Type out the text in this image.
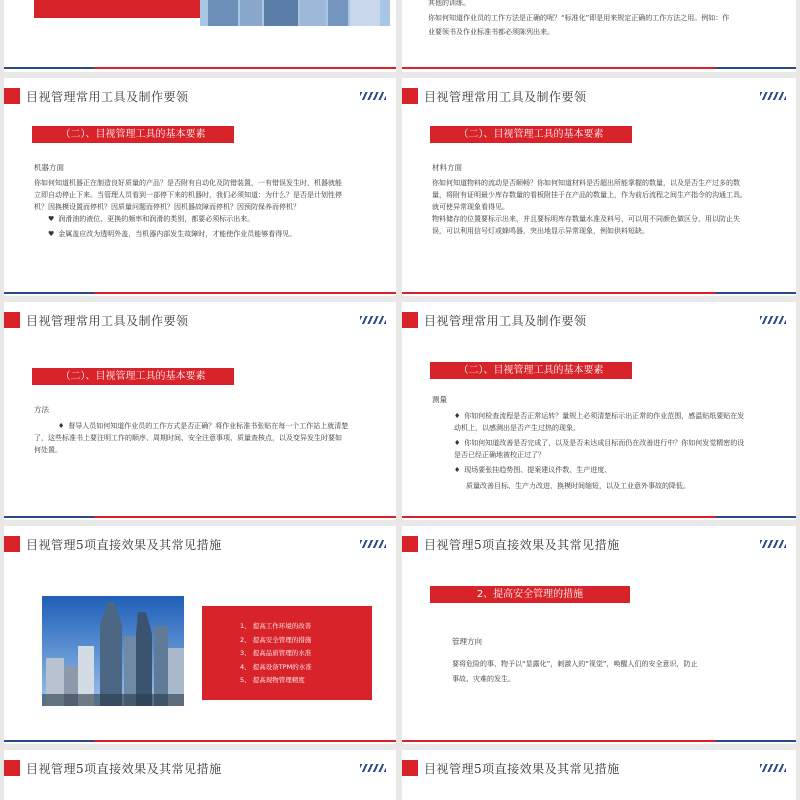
其他的训练。

你如何知道作业员的工作方法是正确的呢？“标准化”即是用来规定正确的工作方法之用。例如：作

业要领书及作业标准书都必须陈列出来。

目视管理常用工具及制作要领
（二）、目视管理工具的基本要素

机器方面

你如何知道机器正在制造良好质量的产品？是否附有自动化及防错装置，一有错误发生时，机器就能

立即自动停止下来。当管理人员看到一部停下来的机器时，我们必须知道：为什么？是否是计划性停

机？因换模设置而停机？因质量问题而停机？因机器故障而停机？因预防保养而停机？

♥ 润滑油的液位、更换的频率和润滑的类别，都要必须标示出来。

♥ 金属盖应改为透明外盖，当机器内部发生故障时，才能使作业员能够看得见。

目视管理常用工具及制作要领
（二）、目视管理工具的基本要素

材料方面

你如何知道物料的流动是否顺畅？你如何知道材料是否超出所能掌握的数量，以及是否生产过多的数

量，将附有证明最少库存数量的看板附挂于在产品的数量上，作为前后流程之间生产指令的沟通工具,

就可使异常现象看得见。

物料储存的位置要标示出来，并且要标明库存数量水准及料号，可以用不同颜色做区分，用以防止失

误，可以利用信号灯或蜂鸣器，突出地显示异常现象，例如供料短缺。

目视管理常用工具及制作要领
（二）、目视管理工具的基本要素

方法

♦ 督导人员如何知道作业员的工作方式是否正确？将作业标准书张贴在每一个工作站上就清楚

了，这些标准书上要注明工作的顺序、周期时间、安全注意事项、质量查核点，以及变异发生时要如

何处置。

目视管理常用工具及制作要领
（二）、目视管理工具的基本要素

测量

♦ 你如何检查流程是否正常运转？量规上必须清楚标示出正常的作业范围，感温贴纸要贴在发

动机上，以感测出是否产生过热的现象。

♦ 你如何知道改善是否完成了，以及是否未达成目标而仍在改善进行中？你如何发觉精密的设

是否已经正确地被校正过了？

♦ 现场要张挂趋势图、提案建议件数、生产进度、

质量改善目标、生产力改进、换模时间缩短，以及工业意外事故的降低。

目视管理5项直接效果及其常见措施

1、 提高工作环境的改善

2、 提高安全管理的措施

3、 提高品质管理的水准

4、 提高设备TPM的水准

5、 提高现物管理精度

目视管理5项直接效果及其常见措施
2、提高安全管理的措施

管理方向

要将危险的事、物予以“显露化”，刺激人的“视觉”，唤醒人们的安全意识，防止

事故、灾难的发生。

目视管理5项直接效果及其常见措施	目视管理5项直接效果及其常见措施
